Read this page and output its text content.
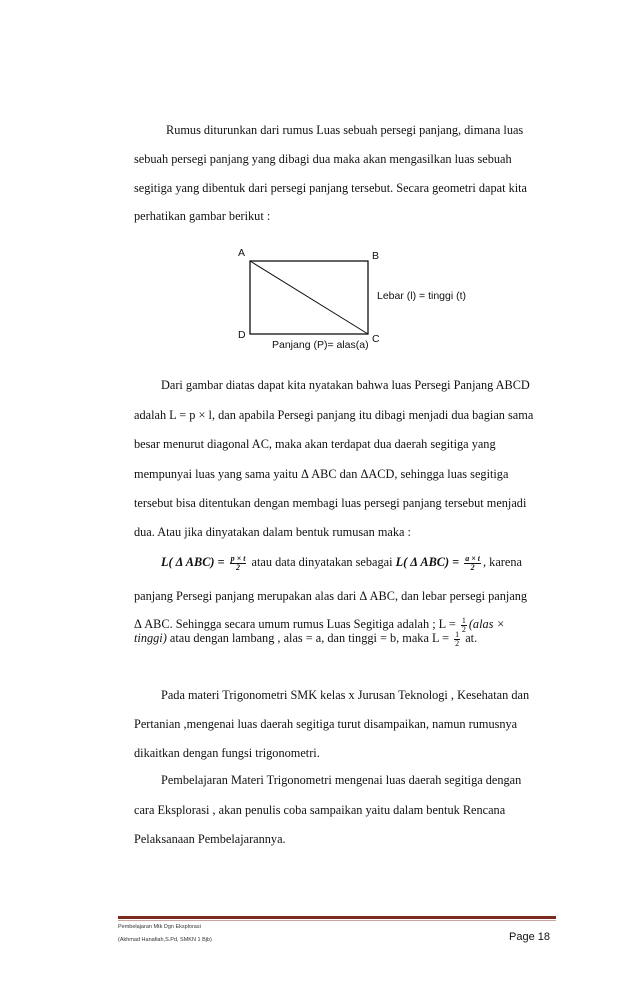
Rumus diturunkan dari rumus Luas sebuah persegi panjang, dimana luas
sebuah persegi panjang yang dibagi dua maka akan mengasilkan luas sebuah
segitiga yang dibentuk dari persegi panjang tersebut. Secara geometri dapat kita
perhatikan gambar berikut :
A	B
D	C
Lebar (l) = tinggi (t)
Panjang (P)= alas(a)
Dari gambar diatas dapat kita nyatakan bahwa luas Persegi Panjang ABCD
adalah L = p × l, dan apabila Persegi panjang itu dibagi menjadi dua bagian sama
besar menurut diagonal AC, maka akan terdapat dua daerah segitiga yang
mempunyai luas yang sama yaitu Δ ABC dan ΔACD, sehingga luas segitiga
tersebut bisa ditentukan dengan membagi luas persegi panjang tersebut menjadi
dua. Atau jika dinyatakan dalam bentuk rumusan maka :
L( Δ $ABC) = \frac{p \times t}{2}$ atau data dinyatakan sebagai L( Δ $ABC) = \frac{a \times t}{2}$ , karena
panjang Persegi panjang merupakan alas dari Δ ABC, dan lebar persegi panjang
Δ ABC. Sehingga secara umum rumus Luas Segitiga adalah ; $L = \frac{1}{2}$ (alas ×
tinggi) atau dengan lambang , alas = a, dan tinggi = b, maka $L = \frac{1}{2}$ at.
Pada materi Trigonometri SMK kelas x Jurusan Teknologi , Kesehatan dan
Pertanian ,mengenai luas daerah segitiga turut disampaikan, namun rumusnya
dikaitkan dengan fungsi trigonometri.
Pembelajaran Materi Trigonometri mengenai luas daerah segitiga dengan
cara Eksplorasi , akan penulis coba sampaikan yaitu dalam bentuk Rencana
Pelaksanaan Pembelajarannya.
Pembelajaran Mtk Dgn Eksplorasi
(Akhmad Hanafiah,S.Pd, SMKN 1 Bjb)	Page 18
